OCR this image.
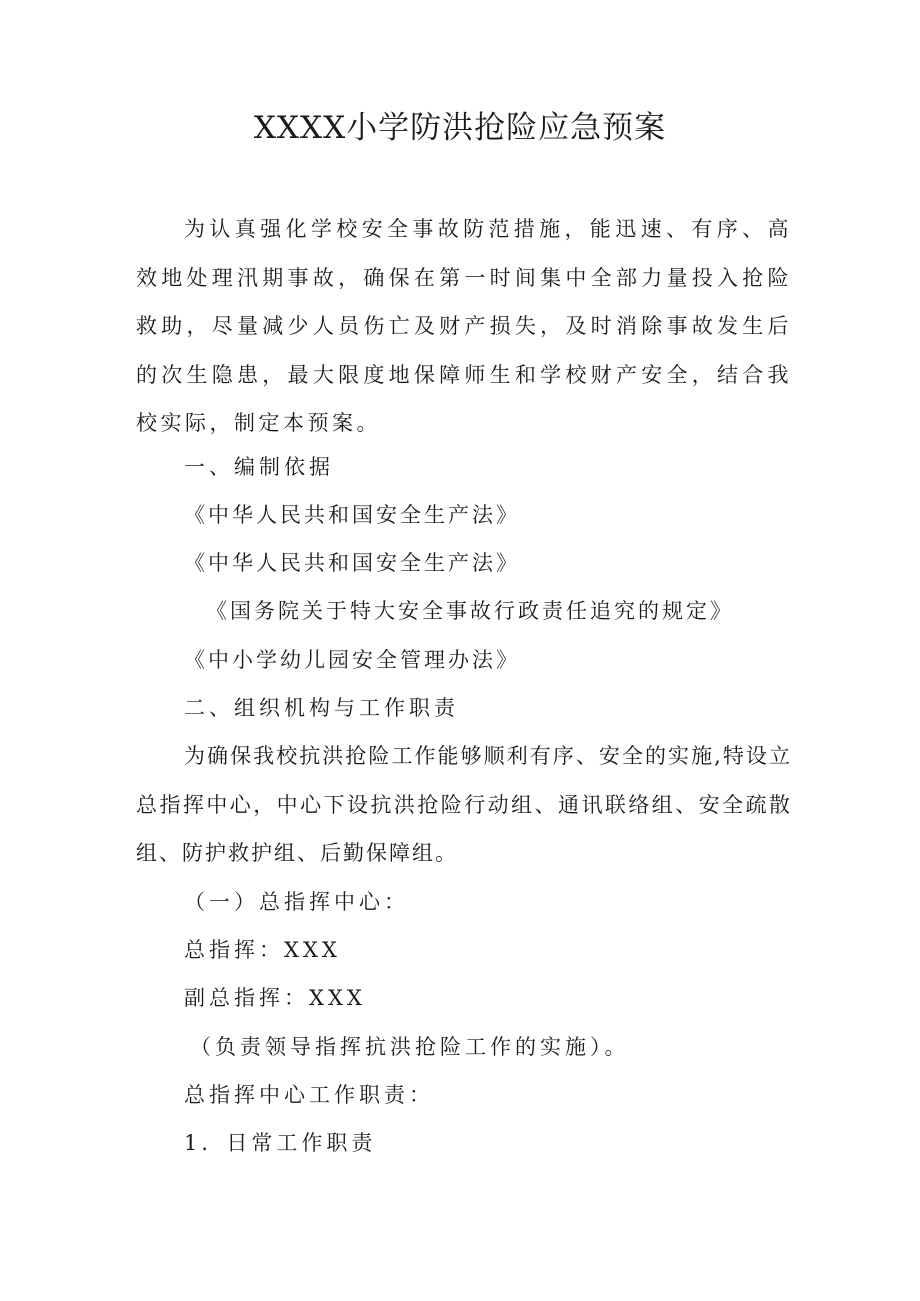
XXXX小学防洪抢险应急预案

为认真强化学校安全事故防范措施，能迅速、有序、高效地处理汛期事故，确保在第一时间集中全部力量投入抢险救助，尽量减少人员伤亡及财产损失，及时消除事故发生后的次生隐患，最大限度地保障师生和学校财产安全，结合我校实际，制定本预案。

一、编制依据

《中华人民共和国安全生产法》

《中华人民共和国安全生产法》

《国务院关于特大安全事故行政责任追究的规定》

《中小学幼儿园安全管理办法》

二、组织机构与工作职责

为确保我校抗洪抢险工作能够顺利有序、安全的实施,特设立总指挥中心，中心下设抗洪抢险行动组、通讯联络组、安全疏散组、防护救护组、后勤保障组。

（一）总指挥中心：

总指挥：XXX

副总指挥：XXX

（负责领导指挥抗洪抢险工作的实施）。

总指挥中心工作职责：

1．日常工作职责
